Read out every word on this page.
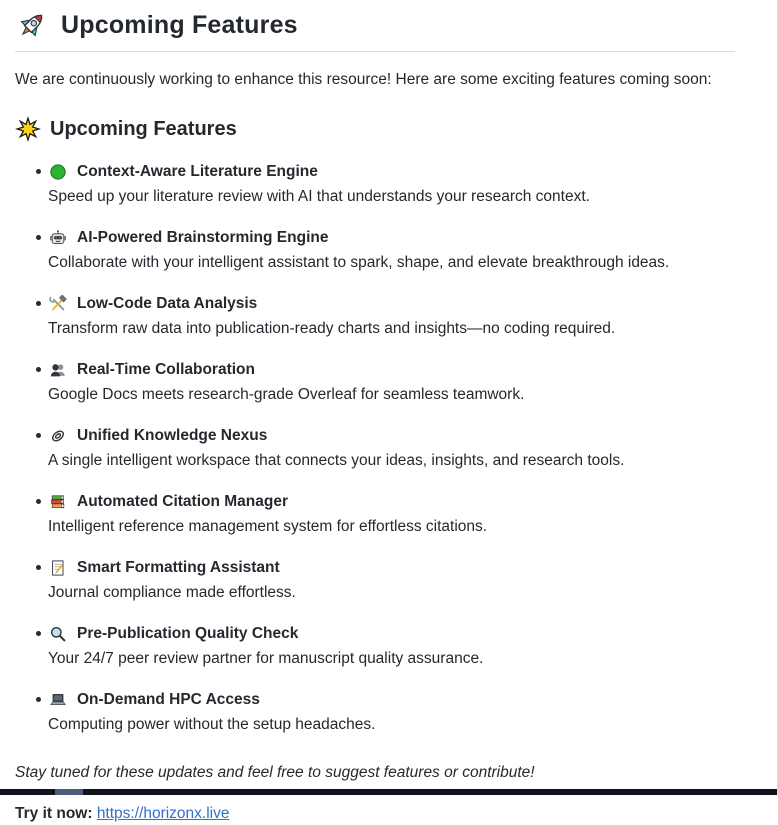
Upcoming Features

We are continuously working to enhance this resource! Here are some exciting features coming soon:

Upcoming Features
Context-Aware Literature Engine

Speed up your literature review with AI that understands your research context.

AI-Powered Brainstorming Engine

Collaborate with your intelligent assistant to spark, shape, and elevate breakthrough ideas.

Low-Code Data Analysis

Transform raw data into publication-ready charts and insights—no coding required.

Real-Time Collaboration

Google Docs meets research-grade Overleaf for seamless teamwork.

Unified Knowledge Nexus

A single intelligent workspace that connects your ideas, insights, and research tools.

Automated Citation Manager

Intelligent reference management system for effortless citations.

Smart Formatting Assistant

Journal compliance made effortless.

Pre-Publication Quality Check

Your 24/7 peer review partner for manuscript quality assurance.

On-Demand HPC Access

Computing power without the setup headaches.

Stay tuned for these updates and feel free to suggest features or contribute!

Try it now: https://horizonx.live
